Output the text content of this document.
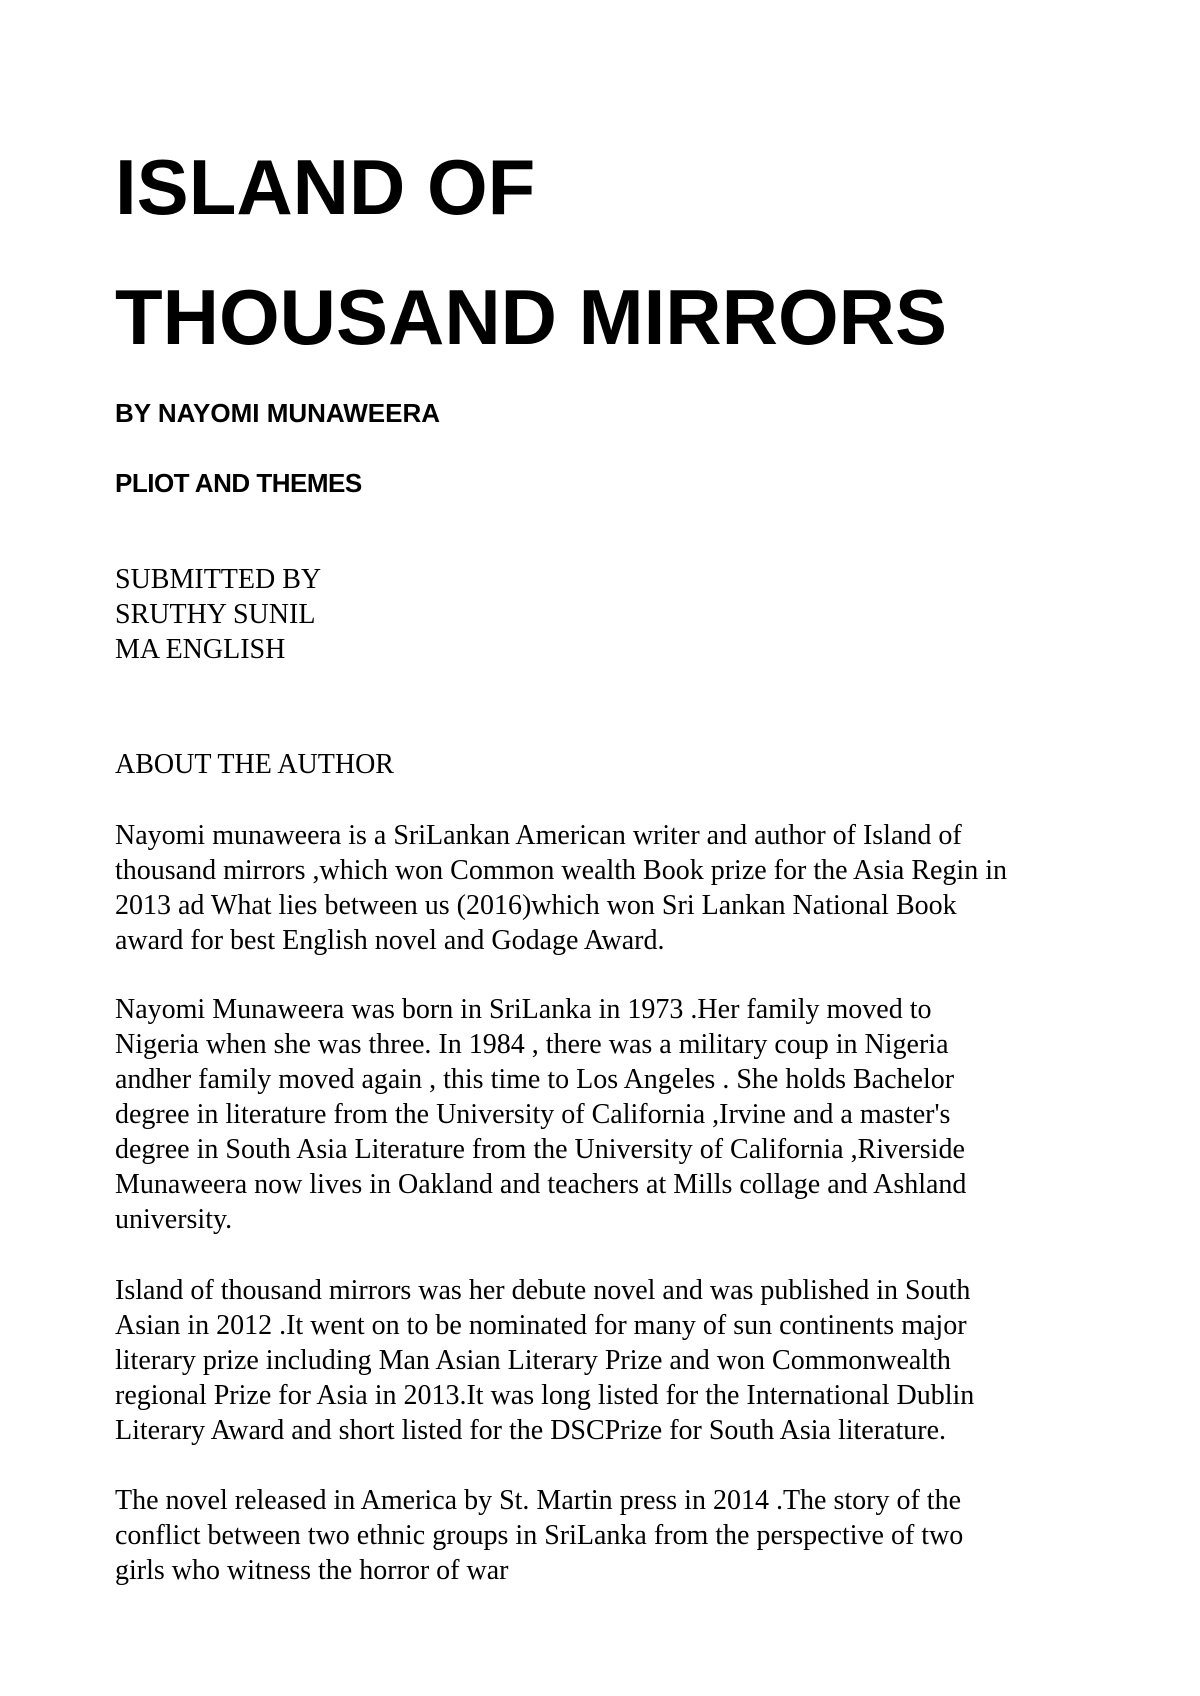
ISLAND OF
THOUSAND MIRRORS
BY NAYOMI MUNAWEERA
PLIOT AND THEMES
SUBMITTED BY
SRUTHY SUNIL
MA ENGLISH
ABOUT THE AUTHOR

Nayomi munaweera is a SriLankan American writer and author of Island of
thousand mirrors ,which won Common wealth Book prize for the Asia Regin in
2013 ad What lies between us (2016)which won Sri Lankan National Book
award for best English novel and Godage Award.

Nayomi Munaweera was born in SriLanka in 1973 .Her family moved to
Nigeria when she was three. In 1984 , there was a military coup in Nigeria
andher family moved again , this time to Los Angeles . She holds Bachelor
degree in literature from the University of California ,Irvine and a master's
degree in South Asia Literature from the University of California ,Riverside
Munaweera now lives in Oakland and teachers at Mills collage and Ashland
university.

Island of thousand mirrors was her debute novel and was published in South
Asian in 2012 .It went on to be nominated for many of sun continents major
literary prize including Man Asian Literary Prize and won Commonwealth
regional Prize for Asia in 2013.It was long listed for the International Dublin
Literary Award and short listed for the DSCPrize for South Asia literature.

The novel released in America by St. Martin press in 2014 .The story of the
conflict between two ethnic groups in SriLanka from the perspective of two
girls who witness the horror of war
